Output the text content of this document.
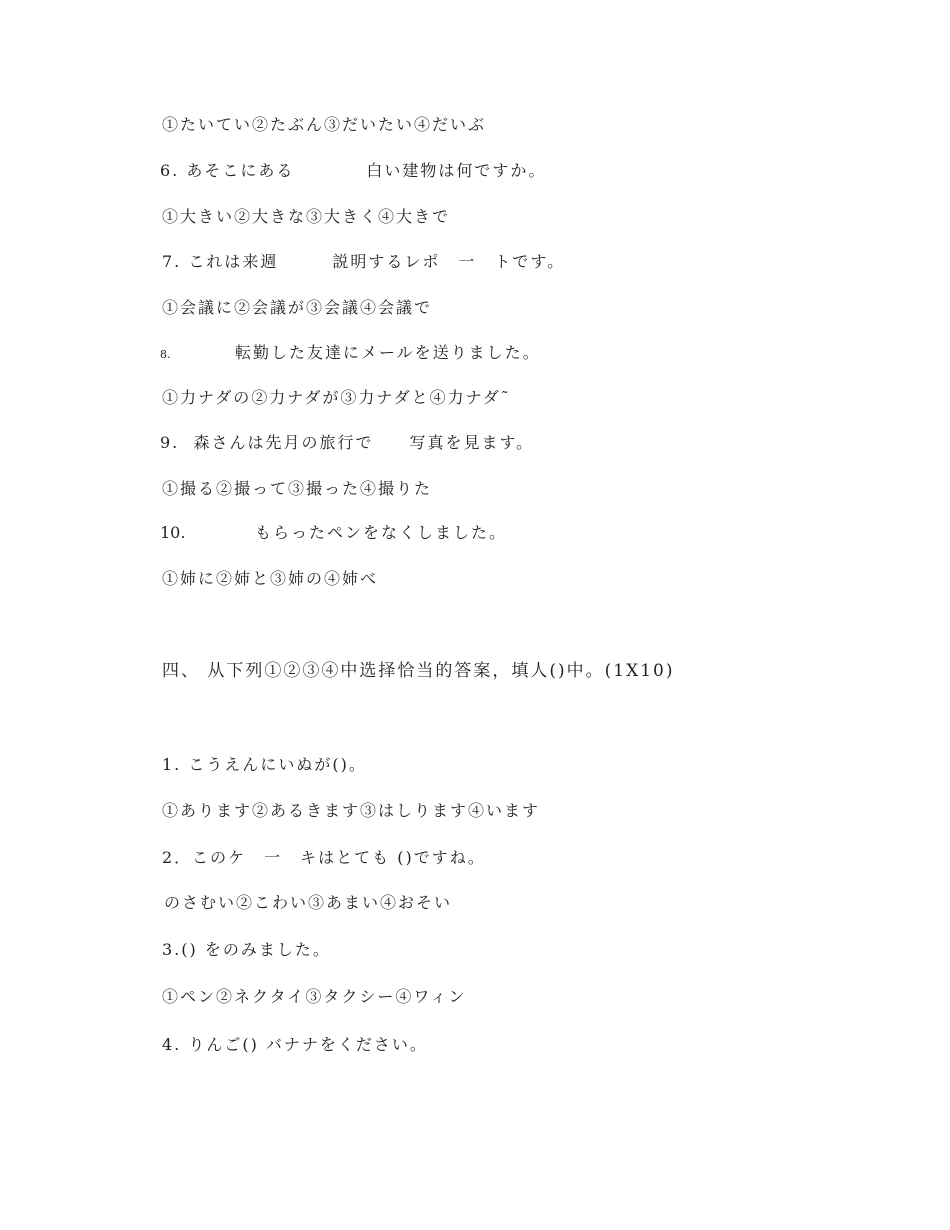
①たいてい②たぶん③だいたい④だいぶ
6. あそこにある　　　　白い建物は何ですか。
①大きい②大きな③大きく④大きで
7. これは来週　　　説明するレポ　一　トです。
①会議に②会議が③会議④会議で
8.	転勤した友達にメールを送りました。
①力ナダの②力ナダが③力ナダと④力ナダ˜
9.  森さんは先月の旅行で　　写真を見ます。
①撮る②撮って③撮った④撮りた
10.	もらったペンをなくしました。
①姉に②姉と③姉の④姉べ
四、 从下列①②③④中选择恰当的答案，填人()中。(1X10)
1. こうえんにいぬが()。
①あります②あるきます③はしります④います
2．このケ　一　キはとても ()ですね。
のさむい②こわい③あまい④おそい
3.() をのみました。
①ペン②ネクタイ③タクシー④ワィン
4. りんご() バナナをください。
